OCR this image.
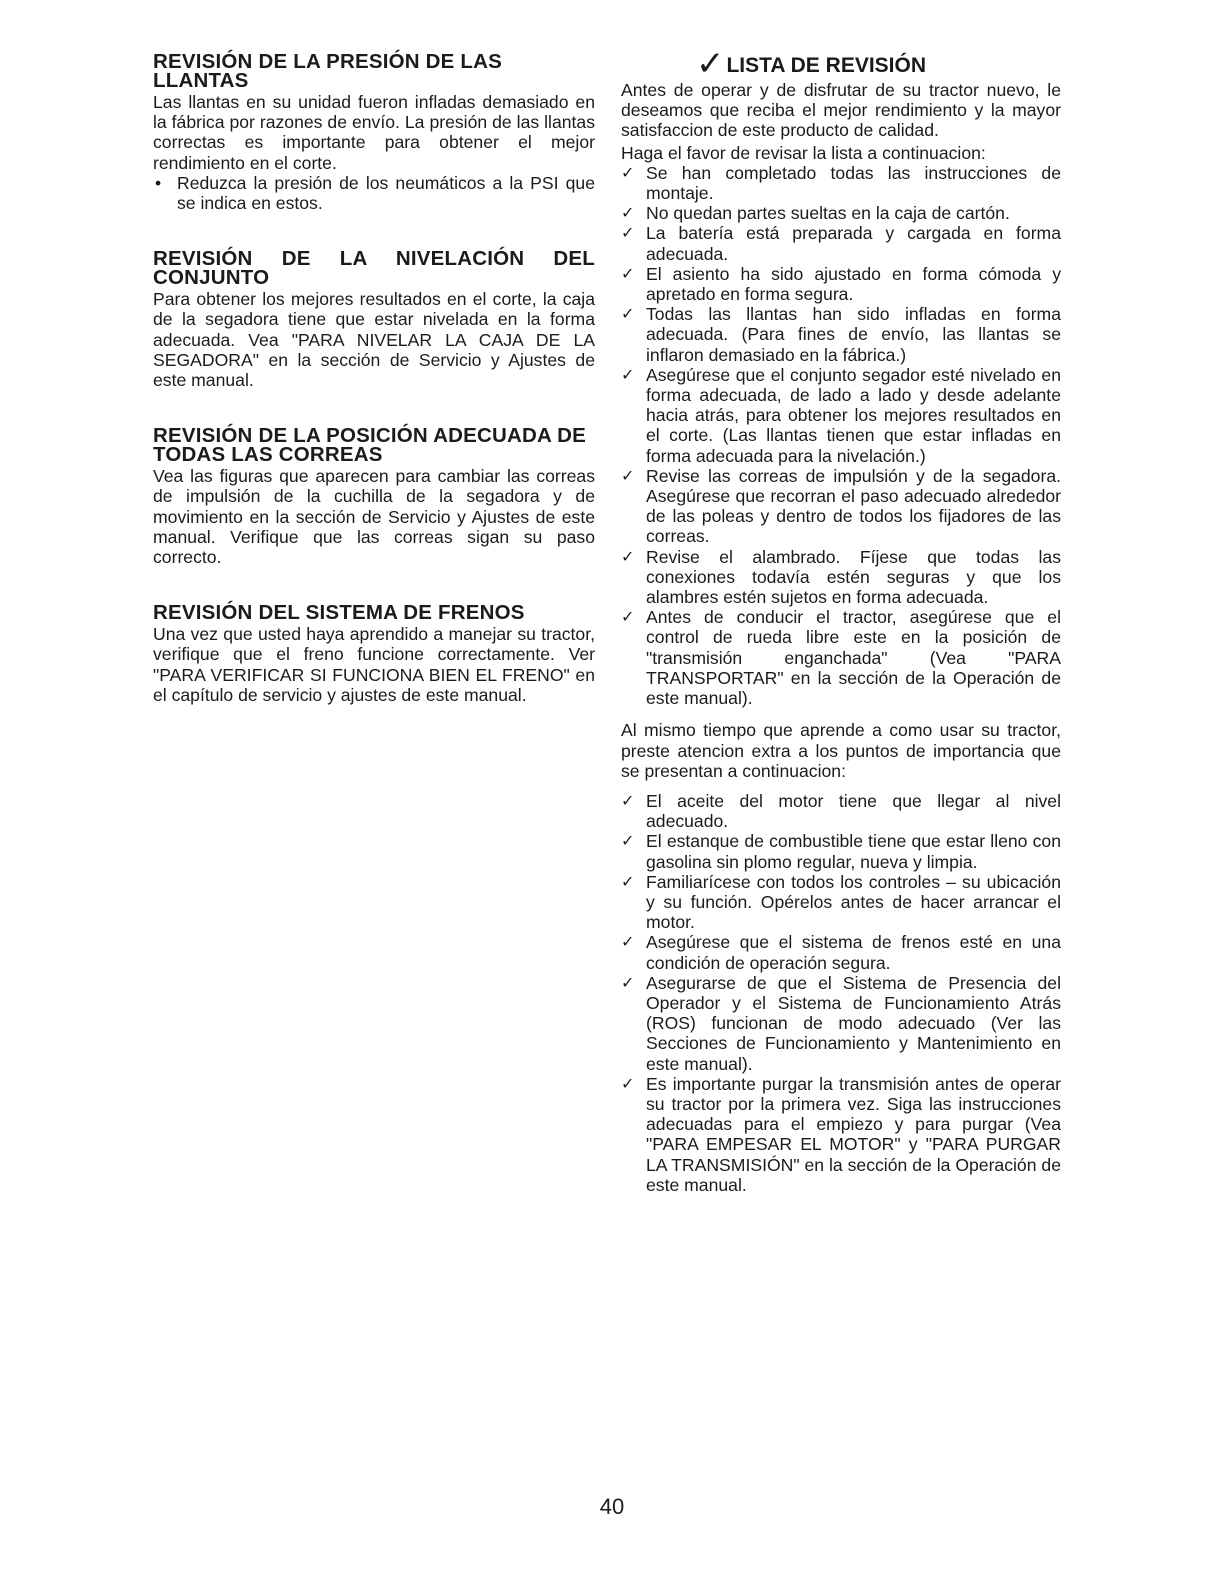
REVISIÓN DE LA PRESIÓN DE LAS LLANTAS

Las llantas en su unidad fueron infladas demasiado en la fábrica por razones de envío. La presión de las llantas correctas es importante para obtener el mejor rendimiento en el corte.

• Reduzca la presión de los neumáticos a la PSI que se indica en estos.
REVISIÓN DE LA NIVELACIÓN DEL CONJUNTO

Para obtener los mejores resultados en el corte, la caja de la segadora tiene que estar nivelada en la forma adecuada. Vea "PARA NIVELAR LA CAJA DE LA SEGADORA" en la sección de Servicio y Ajustes de este manual.

REVISIÓN DE LA POSICIÓN ADECUADA DE TODAS LAS CORREAS

Vea las figuras que aparecen para cambiar las correas de impulsión de la cuchilla de la segadora y de movimiento en la sección de Servicio y Ajustes de este manual. Verifique que las correas sigan su paso correcto.

REVISIÓN DEL SISTEMA DE FRENOS

Una vez que usted haya aprendido a manejar su tractor, verifique que el freno funcione correctamente. Ver "PARA VERIFICAR SI FUNCIONA BIEN EL FRENO" en el capítulo de servicio y ajustes de este manual.

✓ LISTA DE REVISIÓN

Antes de operar y de disfrutar de su tractor nuevo, le deseamos que reciba el mejor rendimiento y la mayor satisfaccion de este producto de calidad.

Haga el favor de revisar la lista a continuacion:

✓ Se han completado todas las instrucciones de montaje.
✓ No quedan partes sueltas en la caja de cartón.
✓ La batería está preparada y cargada en forma adecuada.
✓ El asiento ha sido ajustado en forma cómoda y apretado en forma segura.
✓ Todas las llantas han sido infladas en forma adecuada. (Para fines de envío, las llantas se inflaron demasiado en la fábrica.)
✓ Asegúrese que el conjunto segador esté nivelado en forma adecuada, de lado a lado y desde adelante hacia atrás, para obtener los mejores resultados en el corte. (Las llantas tienen que estar infladas en forma adecuada para la nivelación.)
✓ Revise las correas de impulsión y de la segadora. Asegúrese que recorran el paso adecuado alrededor de las poleas y dentro de todos los fijadores de las correas.
✓ Revise el alambrado. Fíjese que todas las conexiones todavía estén seguras y que los alambres estén sujetos en forma adecuada.
✓ Antes de conducir el tractor, asegúrese que el control de rueda libre este en la posición de "transmisión enganchada" (Vea "PARA TRANSPORTAR" en la sección de la Operación de este manual).

Al mismo tiempo que aprende a como usar su tractor, preste atencion extra a los puntos de importancia que se presentan a continuacion:

✓ El aceite del motor tiene que llegar al nivel adecuado.
✓ El estanque de combustible tiene que estar lleno con gasolina sin plomo regular, nueva y limpia.
✓ Familiarícese con todos los controles – su ubicación y su función. Opérelos antes de hacer arrancar el motor.
✓ Asegúrese que el sistema de frenos esté en una condición de operación segura.
✓ Asegurarse de que el Sistema de Presencia del Operador y el Sistema de Funcionamiento Atrás (ROS) funcionan de modo adecuado (Ver las Secciones de Funcionamiento y Mantenimiento en este manual).
✓ Es importante purgar la transmisión antes de operar su tractor por la primera vez. Siga las instrucciones adecuadas para el empiezo y para purgar (Vea "PARA EMPESAR EL MOTOR" y "PARA PURGAR LA TRANSMISIÓN" en la sección de la Operación de este manual.
40
